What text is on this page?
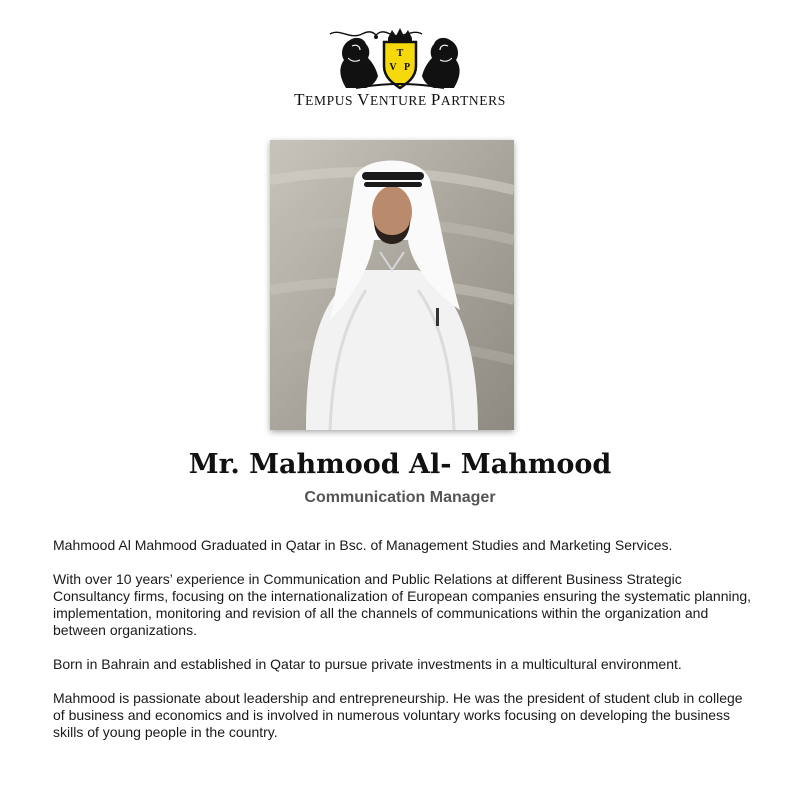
T
V P
TEMPUS VENTURE PARTNERS
Mr. Mahmood Al- Mahmood
Communication Manager

Mahmood Al Mahmood Graduated in Qatar in Bsc. of Management Studies and Marketing Services.

With over 10 years’ experience in Communication and Public Relations at different Business Strategic Consultancy firms, focusing on the internationalization of European companies ensuring the systematic planning, implementation, monitoring and revision of all the channels of communications within the organization and between organizations.

Born in Bahrain and established in Qatar to pursue private investments in a multicultural environment.

Mahmood is passionate about leadership and entrepreneurship. He was the president of student club in college of business and economics and is involved in numerous voluntary works focusing on developing the business skills of young people in the country.
